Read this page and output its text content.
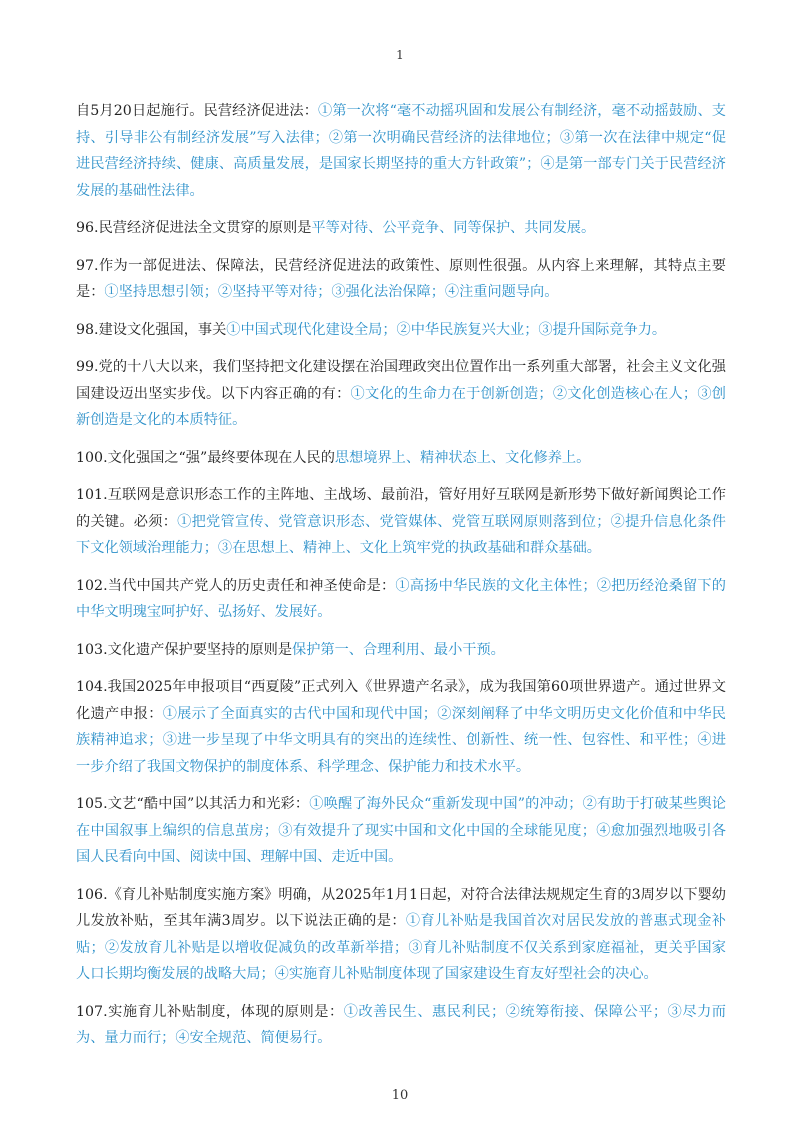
1

自5月20日起施行。民营经济促进法：①第一次将“毫不动摇巩固和发展公有制经济，毫不动摇鼓励、支持、引导非公有制经济发展”写入法律；②第一次明确民营经济的法律地位；③第一次在法律中规定“促进民营经济持续、健康、高质量发展，是国家长期坚持的重大方针政策”；④是第一部专门关于民营经济发展的基础性法律。

96.民营经济促进法全文贯穿的原则是平等对待、公平竞争、同等保护、共同发展。

97.作为一部促进法、保障法，民营经济促进法的政策性、原则性很强。从内容上来理解，其特点主要是：①坚持思想引领；②坚持平等对待；③强化法治保障；④注重问题导向。

98.建设文化强国，事关①中国式现代化建设全局；②中华民族复兴大业；③提升国际竞争力。

99.党的十八大以来，我们坚持把文化建设摆在治国理政突出位置作出一系列重大部署，社会主义文化强国建设迈出坚实步伐。以下内容正确的有：①文化的生命力在于创新创造；②文化创造核心在人；③创新创造是文化的本质特征。

100.文化强国之“强”最终要体现在人民的思想境界上、精神状态上、文化修养上。

101.互联网是意识形态工作的主阵地、主战场、最前沿，管好用好互联网是新形势下做好新闻舆论工作的关键。必须：①把党管宣传、党管意识形态、党管媒体、党管互联网原则落到位；②提升信息化条件下文化领域治理能力；③在思想上、精神上、文化上筑牢党的执政基础和群众基础。

102.当代中国共产党人的历史责任和神圣使命是：①高扬中华民族的文化主体性；②把历经沧桑留下的中华文明瑰宝呵护好、弘扬好、发展好。

103.文化遗产保护要坚持的原则是保护第一、合理利用、最小干预。

104.我国2025年申报项目“西夏陵”正式列入《世界遗产名录》，成为我国第60项世界遗产。通过世界文化遗产申报：①展示了全面真实的古代中国和现代中国；②深刻阐释了中华文明历史文化价值和中华民族精神追求；③进一步呈现了中华文明具有的突出的连续性、创新性、统一性、包容性、和平性；④进一步介绍了我国文物保护的制度体系、科学理念、保护能力和技术水平。

105.文艺“酷中国”以其活力和光彩：①唤醒了海外民众“重新发现中国”的冲动；②有助于打破某些舆论在中国叙事上编织的信息茧房；③有效提升了现实中国和文化中国的全球能见度；④愈加强烈地吸引各国人民看向中国、阅读中国、理解中国、走近中国。

106.《育儿补贴制度实施方案》明确，从2025年1月1日起，对符合法律法规规定生育的3周岁以下婴幼儿发放补贴，至其年满3周岁。以下说法正确的是：①育儿补贴是我国首次对居民发放的普惠式现金补贴；②发放育儿补贴是以增收促减负的改革新举措；③育儿补贴制度不仅关系到家庭福祉，更关乎国家人口长期均衡发展的战略大局；④实施育儿补贴制度体现了国家建设生育友好型社会的决心。

107.实施育儿补贴制度，体现的原则是：①改善民生、惠民利民；②统筹衔接、保障公平；③尽力而为、量力而行；④安全规范、简便易行。

10
